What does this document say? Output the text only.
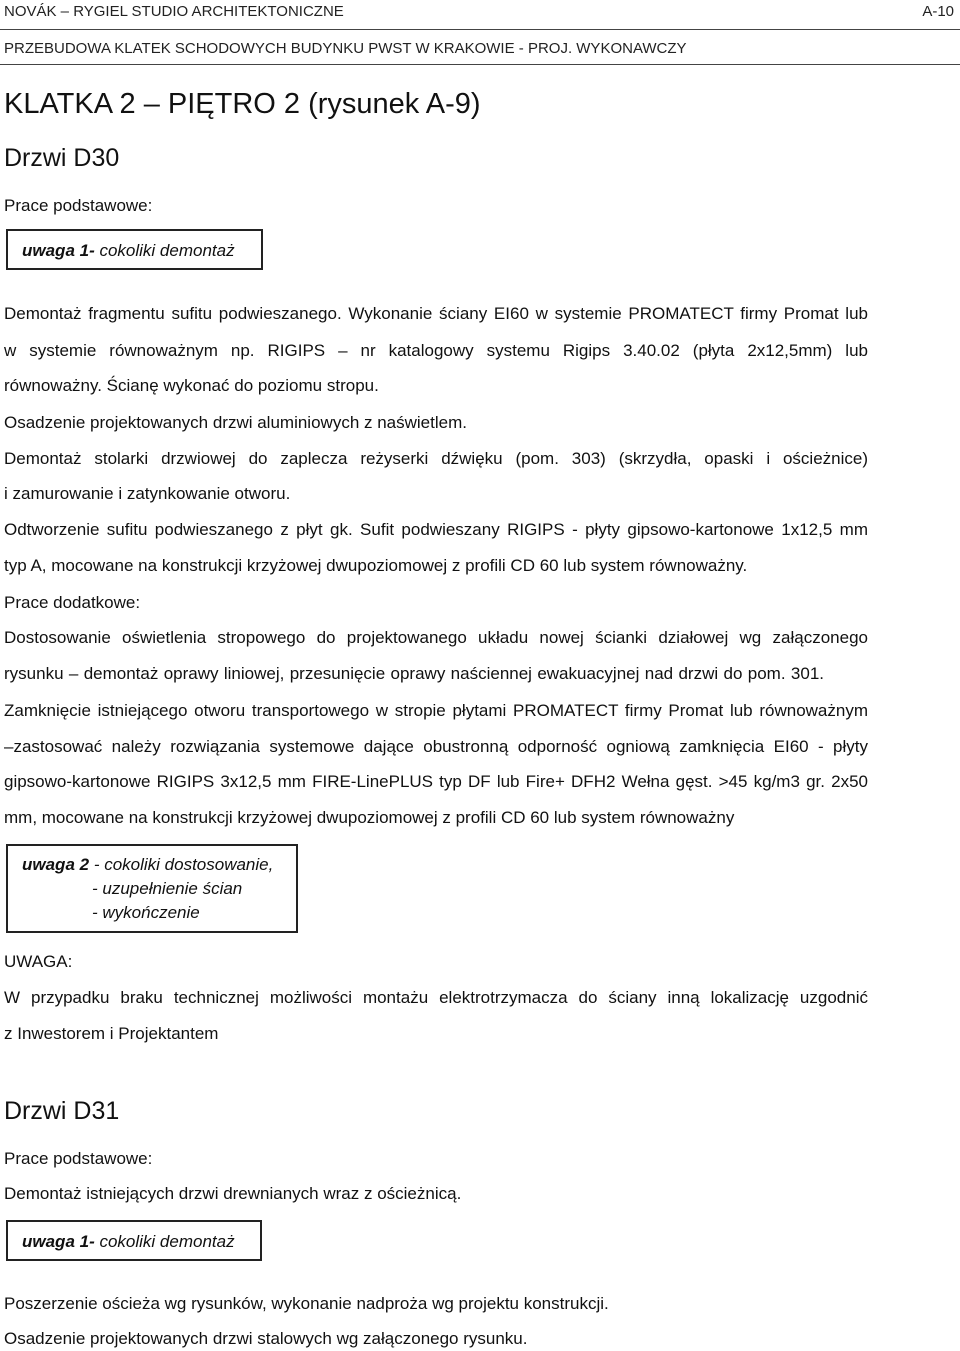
NOVÁK – RYGIEL STUDIO ARCHITEKTONICZNE	A-10
PRZEBUDOWA KLATEK SCHODOWYCH BUDYNKU PWST W KRAKOWIE - PROJ. WYKONAWCZY
KLATKA 2 – PIĘTRO 2 (rysunek A-9)
Drzwi D30
Prace podstawowe:
uwaga 1- cokoliki demontaż
Demontaż fragmentu sufitu podwieszanego. Wykonanie ściany EI60 w systemie PROMATECT firmy Promat lub
w systemie równoważnym np. RIGIPS – nr katalogowy systemu Rigips 3.40.02 (płyta 2x12,5mm) lub
równoważny. Ścianę wykonać do poziomu stropu.
Osadzenie projektowanych drzwi aluminiowych z naświetlem.
Demontaż stolarki drzwiowej do zaplecza reżyserki dźwięku (pom. 303) (skrzydła, opaski i ościeżnice)
i zamurowanie i zatynkowanie otworu.
Odtworzenie sufitu podwieszanego z płyt gk. Sufit podwieszany RIGIPS - płyty gipsowo-kartonowe 1x12,5 mm
typ A, mocowane na konstrukcji krzyżowej dwupoziomowej z profili CD 60 lub system równoważny.
Prace dodatkowe:
Dostosowanie oświetlenia stropowego do projektowanego układu nowej ścianki działowej wg załączonego
rysunku – demontaż oprawy liniowej, przesunięcie oprawy naściennej ewakuacyjnej nad drzwi do pom. 301.
Zamknięcie istniejącego otworu transportowego w stropie płytami PROMATECT firmy Promat lub równoważnym
–zastosować należy rozwiązania systemowe dające obustronną odporność ogniową zamknięcia EI60 - płyty
gipsowo-kartonowe RIGIPS 3x12,5 mm FIRE-LinePLUS typ DF lub Fire+ DFH2 Wełna gęst. >45 kg/m3 gr. 2x50
mm, mocowane na konstrukcji krzyżowej dwupoziomowej z profili CD 60 lub system równoważny
uwaga 2 - cokoliki dostosowanie,
- uzupełnienie ścian
- wykończenie
UWAGA:
W przypadku braku technicznej możliwości montażu elektrotrzymacza do ściany inną lokalizację uzgodnić
z Inwestorem i Projektantem
Drzwi D31
Prace podstawowe:
Demontaż istniejących drzwi drewnianych wraz z ościeżnicą.
uwaga 1- cokoliki demontaż
Poszerzenie ościeża wg rysunków, wykonanie nadproża wg projektu konstrukcji.
Osadzenie projektowanych drzwi stalowych wg załączonego rysunku.
